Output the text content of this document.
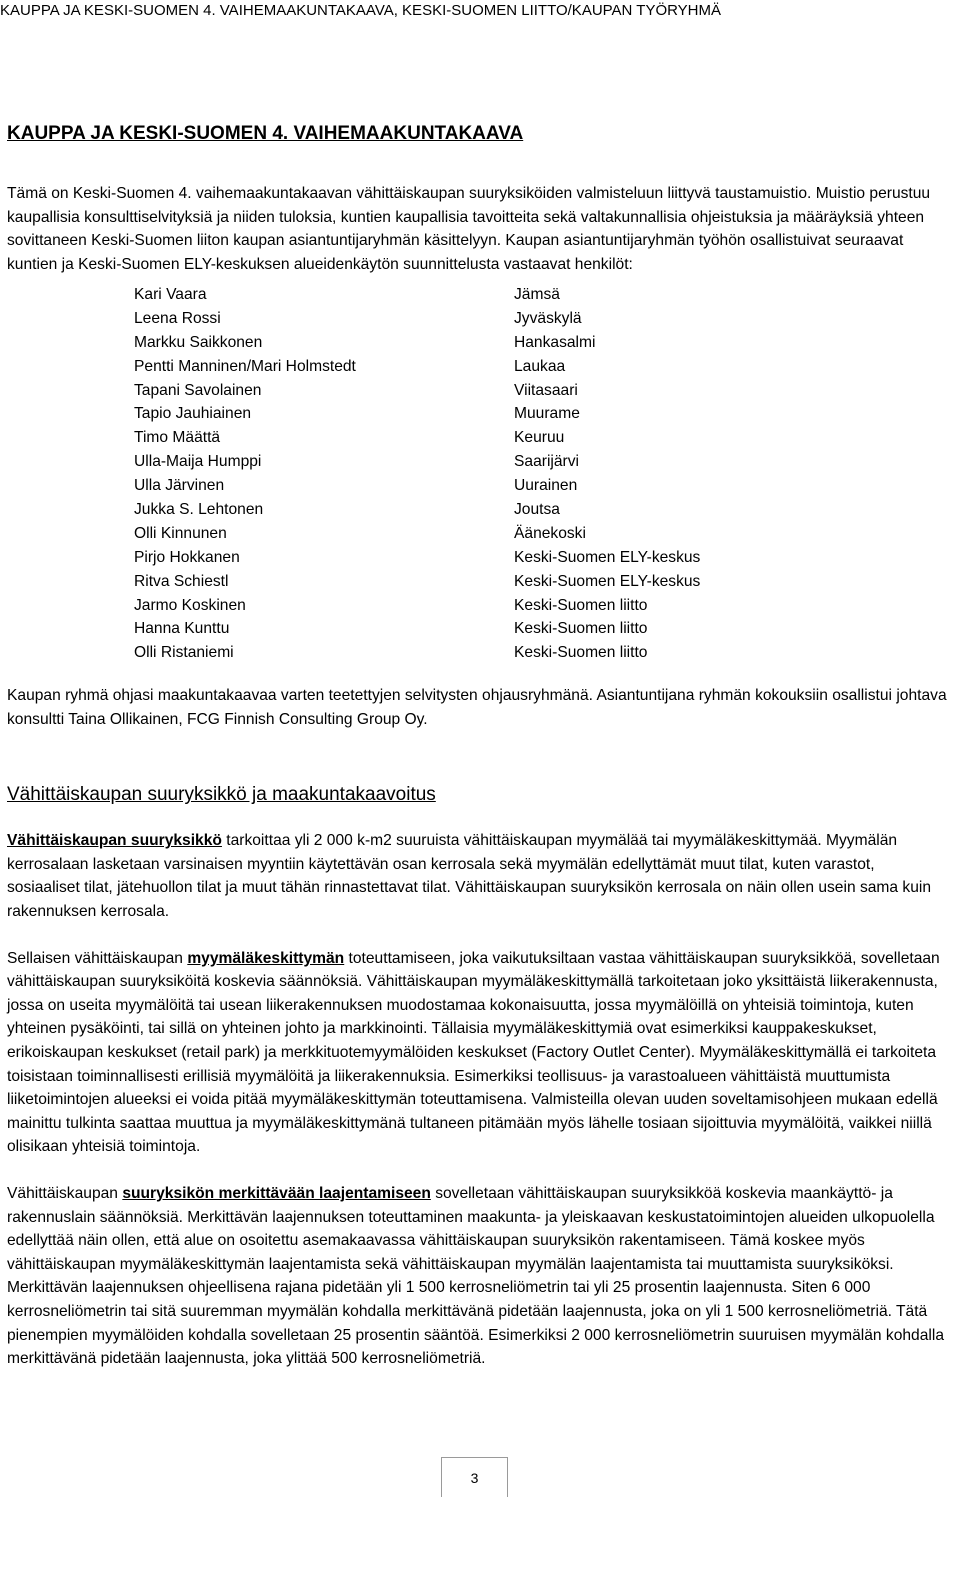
KAUPPA JA KESKI-SUOMEN 4. VAIHEMAAKUNTAKAAVA, KESKI-SUOMEN LIITTO/KAUPAN TYÖRYHMÄ
KAUPPA JA KESKI-SUOMEN 4. VAIHEMAAKUNTAKAAVA

Tämä on Keski-Suomen 4. vaihemaakuntakaavan vähittäiskaupan suuryksiköiden valmisteluun liittyvä taustamuistio. Muistio perustuu kaupallisia konsulttiselvityksiä ja niiden tuloksia, kuntien kaupallisia tavoitteita sekä valtakunnallisia ohjeistuksia ja määräyksiä yhteen sovittaneen Keski-Suomen liiton kaupan asiantuntijaryhmän käsittelyyn. Kaupan asiantuntijaryhmän työhön osallistuivat seuraavat kuntien ja Keski-Suomen ELY-keskuksen alueidenkäytön suunnittelusta vastaavat henkilöt:

Kari Vaara	Jämsä
Leena Rossi	Jyväskylä
Markku Saikkonen	Hankasalmi
Pentti Manninen/Mari Holmstedt	Laukaa
Tapani Savolainen	Viitasaari
Tapio Jauhiainen	Muurame
Timo Määttä	Keuruu
Ulla-Maija Humppi	Saarijärvi
Ulla Järvinen	Uurainen
Jukka S. Lehtonen	Joutsa
Olli Kinnunen	Äänekoski
Pirjo Hokkanen	Keski-Suomen ELY-keskus
Ritva Schiestl	Keski-Suomen ELY-keskus
Jarmo Koskinen	Keski-Suomen liitto
Hanna Kunttu	Keski-Suomen liitto
Olli Ristaniemi	Keski-Suomen liitto

Kaupan ryhmä ohjasi maakuntakaavaa varten teetettyjen selvitysten ohjausryhmänä. Asiantuntijana ryhmän kokouksiin osallistui johtava konsultti Taina Ollikainen, FCG Finnish Consulting Group Oy.

Vähittäiskaupan suuryksikkö ja maakuntakaavoitus

Vähittäiskaupan suuryksikkö tarkoittaa yli 2 000 k-m2 suuruista vähittäiskaupan myymälää tai myymäläkeskittymää. Myymälän kerrosalaan lasketaan varsinaisen myyntiin käytettävän osan kerrosala sekä myymälän edellyttämät muut tilat, kuten varastot, sosiaaliset tilat, jätehuollon tilat ja muut tähän rinnastettavat tilat. Vähittäiskaupan suuryksikön kerrosala on näin ollen usein sama kuin rakennuksen kerrosala.

Sellaisen vähittäiskaupan myymäläkeskittymän toteuttamiseen, joka vaikutuksiltaan vastaa vähittäiskaupan suuryksikköä, sovelletaan vähittäiskaupan suuryksiköitä koskevia säännöksiä. Vähittäiskaupan myymäläkeskittymällä tarkoitetaan joko yksittäistä liikerakennusta, jossa on useita myymälöitä tai usean liikerakennuksen muodostamaa kokonaisuutta, jossa myymälöillä on yhteisiä toimintoja, kuten yhteinen pysäköinti, tai sillä on yhteinen johto ja markkinointi. Tällaisia myymäläkeskittymiä ovat esimerkiksi kauppakeskukset, erikoiskaupan keskukset (retail park) ja merkkituotemyymälöiden keskukset (Factory Outlet Center). Myymäläkeskittymällä ei tarkoiteta toisistaan toiminnallisesti erillisiä myymälöitä ja liikerakennuksia. Esimerkiksi teollisuus- ja varastoalueen vähittäistä muuttumista liiketoimintojen alueeksi ei voida pitää myymäläkeskittymän toteuttamisena. Valmisteilla olevan uuden soveltamisohjeen mukaan edellä mainittu tulkinta saattaa muuttua ja myymäläkeskittymänä tultaneen pitämään myös lähelle tosiaan sijoittuvia myymälöitä, vaikkei niillä olisikaan yhteisiä toimintoja.

Vähittäiskaupan suuryksikön merkittävään laajentamiseen sovelletaan vähittäiskaupan suuryksikköä koskevia maankäyttö- ja rakennuslain säännöksiä. Merkittävän laajennuksen toteuttaminen maakunta- ja yleiskaavan keskustatoimintojen alueiden ulkopuolella edellyttää näin ollen, että alue on osoitettu asemakaavassa vähittäiskaupan suuryksikön rakentamiseen. Tämä koskee myös vähittäiskaupan myymäläkeskittymän laajentamista sekä vähittäiskaupan myymälän laajentamista tai muuttamista suuryksiköksi. Merkittävän laajennuksen ohjeellisena rajana pidetään yli 1 500 kerrosneliömetrin tai yli 25 prosentin laajennusta. Siten 6 000 kerrosneliömetrin tai sitä suuremman myymälän kohdalla merkittävänä pidetään laajennusta, joka on yli 1 500 kerrosneliömetriä. Tätä pienempien myymälöiden kohdalla sovelletaan 25 prosentin sääntöä. Esimerkiksi 2 000 kerrosneliömetrin suuruisen myymälän kohdalla merkittävänä pidetään laajennusta, joka ylittää 500 kerrosneliömetriä.

3
